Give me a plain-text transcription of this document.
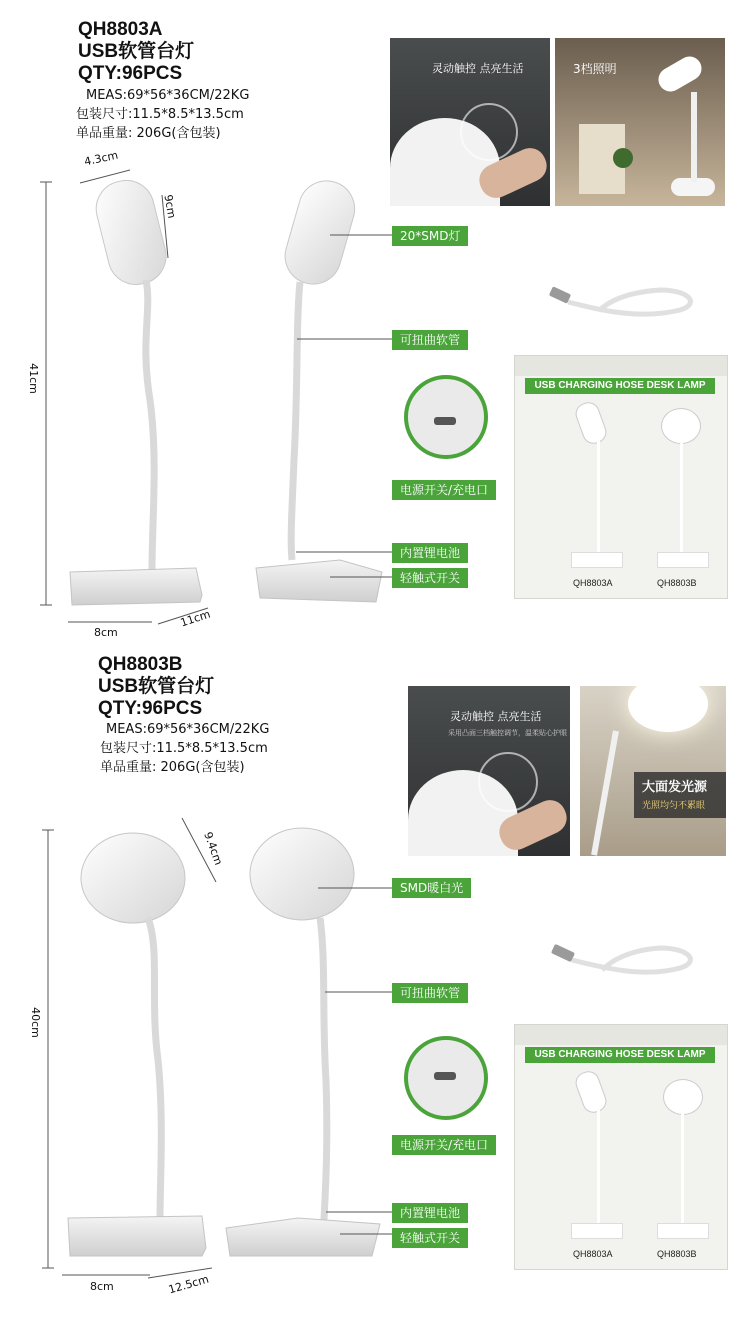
QH8803A
USB软管台灯
QTY:96PCS
MEAS:69*56*36CM/22KG
包装尺寸:11.5*8.5*13.5cm
单品重量: 206G(含包装)
4.3cm
9cm
41cm
8cm
11cm
20*SMD灯
可扭曲软管
内置锂电池
轻触式开关
电源开关/充电口
灵动触控 点亮生活	3档照明
USB CHARGING HOSE DESK LAMP
QH8803A	QH8803B
QH8803B
USB软管台灯
QTY:96PCS
MEAS:69*56*36CM/22KG
包装尺寸:11.5*8.5*13.5cm
单品重量: 206G(含包装)
9.4cm
40cm
8cm	12.5cm
SMD暖白光
可扭曲软管
内置锂电池
轻触式开关
电源开关/充电口
灵动触控 点亮生活
采用凸面三档触控调节，温柔贴心护眼
大面发光源
光照均匀不累眼
USB CHARGING HOSE DESK LAMP
QH8803A	QH8803B
